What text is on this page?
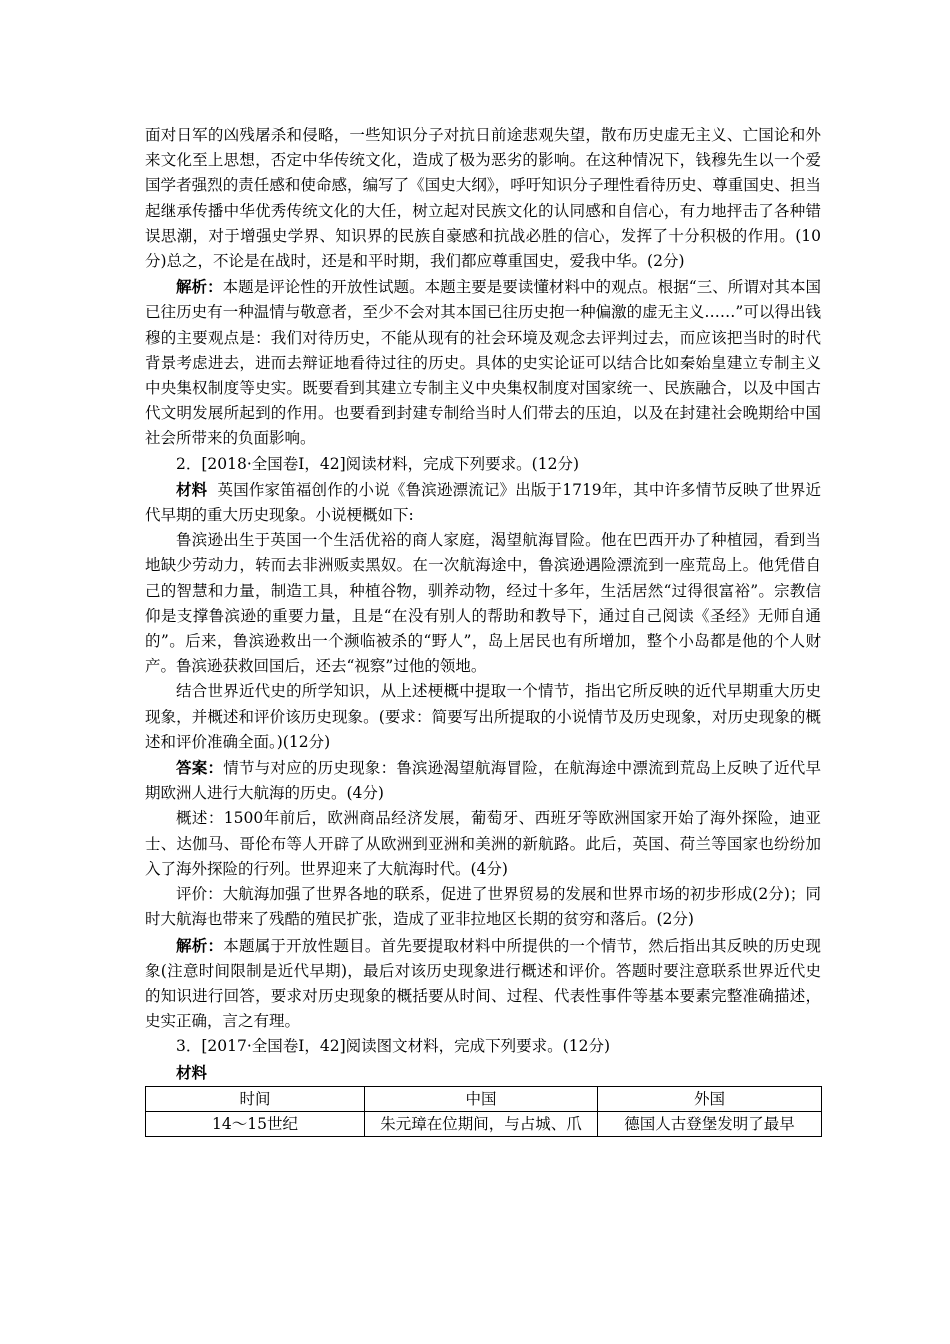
面对日军的凶残屠杀和侵略，一些知识分子对抗日前途悲观失望，散布历史虚无主义、亡国论和外来文化至上思想，否定中华传统文化，造成了极为恶劣的影响。在这种情况下，钱穆先生以一个爱国学者强烈的责任感和使命感，编写了《国史大纲》，呼吁知识分子理性看待历史、尊重国史、担当起继承传播中华优秀传统文化的大任，树立起对民族文化的认同感和自信心，有力地抨击了各种错误思潮，对于增强史学界、知识界的民族自豪感和抗战必胜的信心，发挥了十分积极的作用。(10分)总之，不论是在战时，还是和平时期，我们都应尊重国史，爱我中华。(2分)

解析：本题是评论性的开放性试题。本题主要是要读懂材料中的观点。根据“三、所谓对其本国已往历史有一种温情与敬意者，至少不会对其本国已往历史抱一种偏激的虚无主义……”可以得出钱穆的主要观点是：我们对待历史，不能从现有的社会环境及观念去评判过去，而应该把当时的时代背景考虑进去，进而去辩证地看待过往的历史。具体的史实论证可以结合比如秦始皇建立专制主义中央集权制度等史实。既要看到其建立专制主义中央集权制度对国家统一、民族融合，以及中国古代文明发展所起到的作用。也要看到封建专制给当时人们带去的压迫，以及在封建社会晚期给中国社会所带来的负面影响。

2．[2018·全国卷Ⅰ，42]阅读材料，完成下列要求。(12分)

材料 英国作家笛福创作的小说《鲁滨逊漂流记》出版于1719年，其中许多情节反映了世界近代早期的重大历史现象。小说梗概如下:

鲁滨逊出生于英国一个生活优裕的商人家庭，渴望航海冒险。他在巴西开办了种植园，看到当地缺少劳动力，转而去非洲贩卖黑奴。在一次航海途中，鲁滨逊遇险漂流到一座荒岛上。他凭借自己的智慧和力量，制造工具，种植谷物，驯养动物，经过十多年，生活居然“过得很富裕”。宗教信仰是支撑鲁滨逊的重要力量，且是“在没有别人的帮助和教导下，通过自己阅读《圣经》无师自通的”。后来，鲁滨逊救出一个濒临被杀的“野人”，岛上居民也有所增加，整个小岛都是他的个人财产。鲁滨逊获救回国后，还去“视察”过他的领地。

结合世界近代史的所学知识，从上述梗概中提取一个情节，指出它所反映的近代早期重大历史现象，并概述和评价该历史现象。(要求：简要写出所提取的小说情节及历史现象，对历史现象的概述和评价准确全面。)(12分)

答案：情节与对应的历史现象：鲁滨逊渴望航海冒险，在航海途中漂流到荒岛上反映了近代早期欧洲人进行大航海的历史。(4分)

概述：1500年前后，欧洲商品经济发展，葡萄牙、西班牙等欧洲国家开始了海外探险，迪亚士、达伽马、哥伦布等人开辟了从欧洲到亚洲和美洲的新航路。此后，英国、荷兰等国家也纷纷加入了海外探险的行列。世界迎来了大航海时代。(4分)

评价：大航海加强了世界各地的联系，促进了世界贸易的发展和世界市场的初步形成(2分)；同时大航海也带来了残酷的殖民扩张，造成了亚非拉地区长期的贫穷和落后。(2分)

解析：本题属于开放性题目。首先要提取材料中所提供的一个情节，然后指出其反映的历史现象(注意时间限制是近代早期)，最后对该历史现象进行概述和评价。答题时要注意联系世界近代史的知识进行回答，要求对历史现象的概括要从时间、过程、代表性事件等基本要素完整准确描述，史实正确，言之有理。

3．[2017·全国卷Ⅰ，42]阅读图文材料，完成下列要求。(12分)

材料

时间	中国	外国
14～15世纪	朱元璋在位期间，与占城、爪	德国人古登堡发明了最早
